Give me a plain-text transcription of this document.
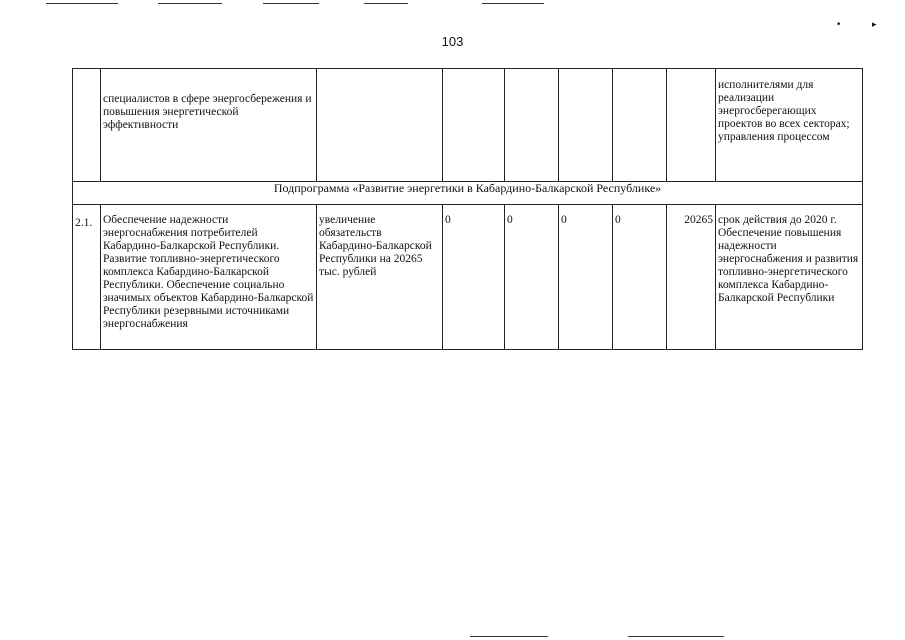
•	▸
103

	специалистов в сфере энергосбережения и повышения энергетической эффективности							исполнителями для реализации энергосберегающих проектов во всех секторах; управления процессом

Подпрограмма «Развитие энергетики в Кабардино-Балкарской Республике»								

2.1.	Обеспечение надежности энергоснабжения потребителей Кабардино-Балкарской Республики. Развитие топливно-энергетического комплекса Кабардино-Балкарской Республики. Обеспечение социально значимых объектов Кабардино-Балкарской Республики резервными источниками энергоснабжения	увеличение обязательств Кабардино-Балкарской Республики на 20265 тыс. рублей	0	0	0	0	20265	срок действия до 2020 г. Обеспечение повышения надежности энергоснабжения и развития топливно-энергетического комплекса Кабардино-Балкарской Республики
